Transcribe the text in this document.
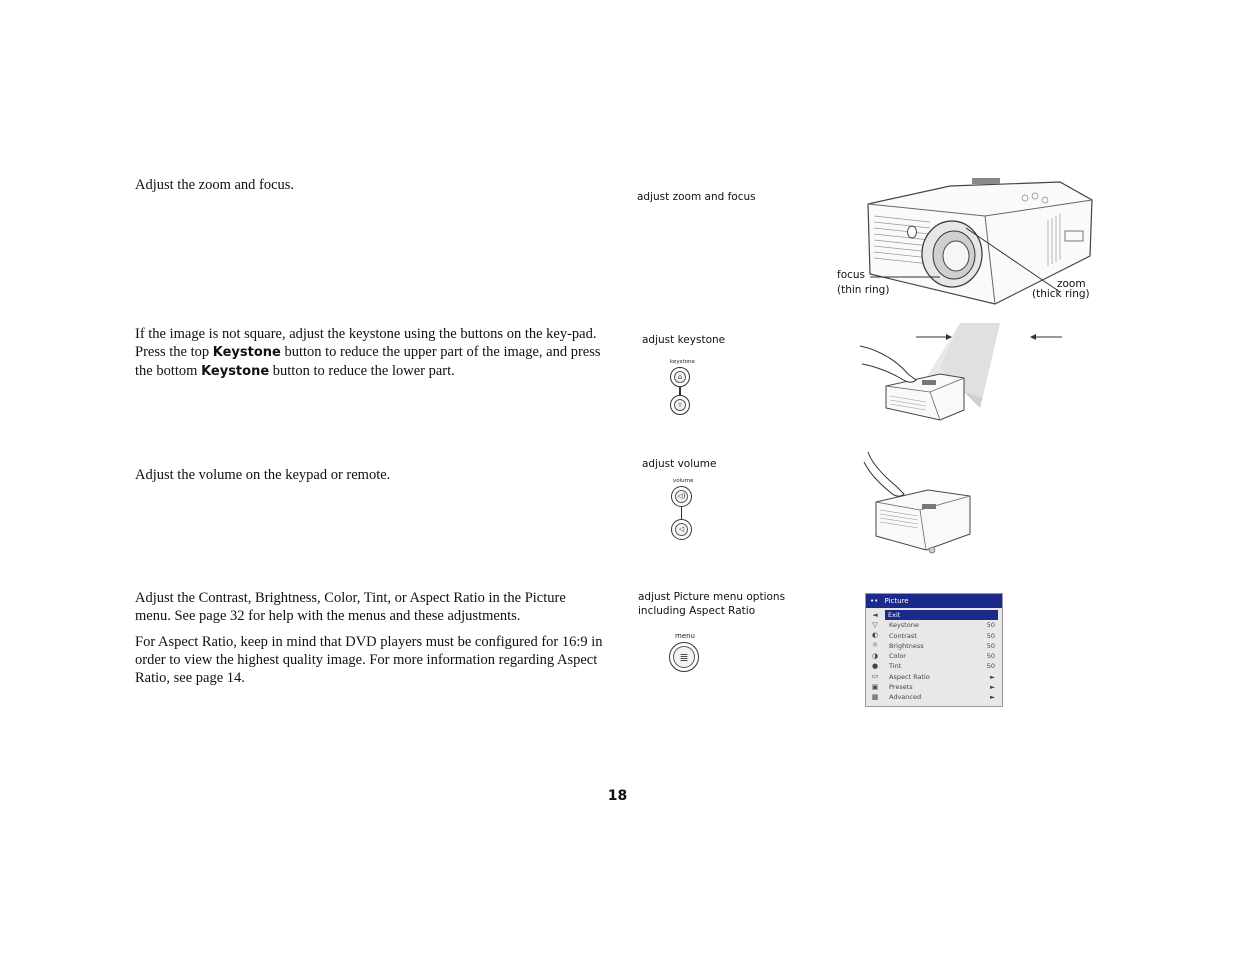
Adjust the zoom and focus.

adjust zoom and focus
focus
(thin ring)	zoom
(thick ring)

If the image is not square, adjust the keystone using the buttons on the key-pad. Press the top Keystone button to reduce the upper part of the image, and press the bottom Keystone button to reduce the lower part.

adjust keystone
keystone
⌂
▿

Adjust the volume on the keypad or remote.

adjust volume
volume
◁)
◁

Adjust the Contrast, Brightness, Color, Tint, or Aspect Ratio in the Picture menu. See page 32 for help with the menus and these adjustments.

For Aspect Ratio, keep in mind that DVD players must be configured for 16:9 in order to view the highest quality image. For more information regarding Aspect Ratio, see page 14.

adjust Picture menu options
including Aspect Ratio
menu
≣
•• Picture
◄	Exit
▽ Keystone	50
◐ Contrast	50
☼ Brightness	50
◑ Color	50
● Tint	50
▭ Aspect Ratio	►
▣ Presets	►
▦ Advanced	►
18
